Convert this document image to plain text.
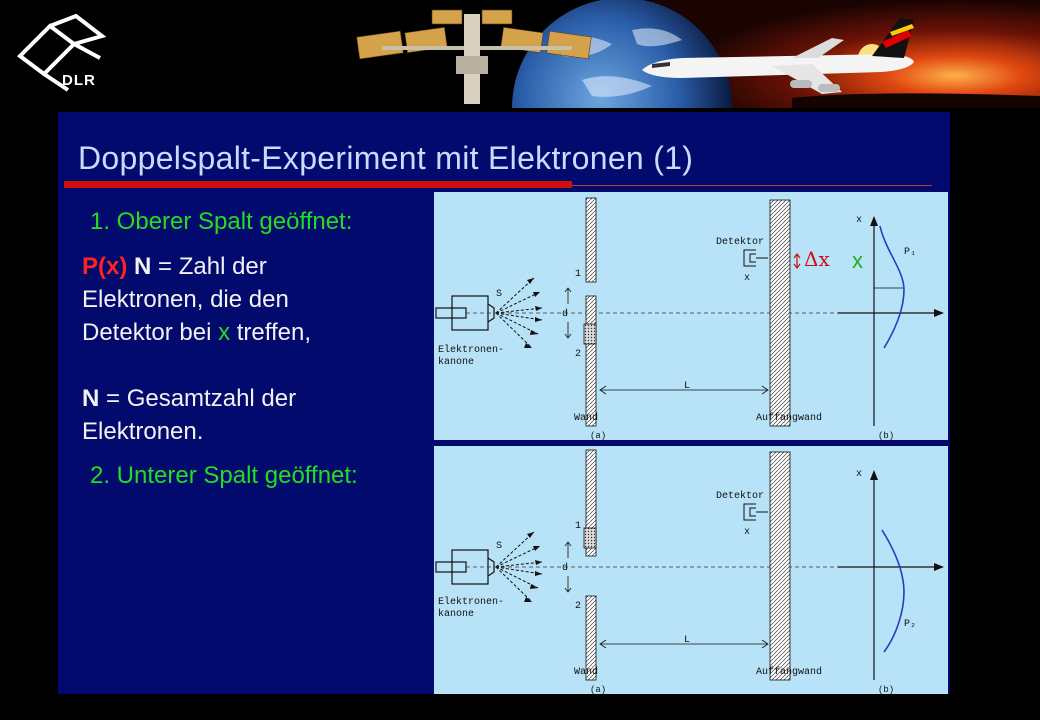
DLR
Doppelspalt-Experiment mit Elektronen (1)

1. Oberer Spalt geöffnet:

P(x) N = Zahl der

Elektronen, die den

Detektor bei x treffen,

N = Gesamtzahl der

Elektronen.

2. Unterer Spalt geöffnet:

S
Elektronen-
kanone
1
2
d
L
Wand
(a)
Auffangwand
Detektor
x
Δx x
x
P₁
(b)
S
Elektronen-
kanone
1
2
d
L
Wand
(a)
Auffangwand
Detektor
x
x
P₂
(b)
